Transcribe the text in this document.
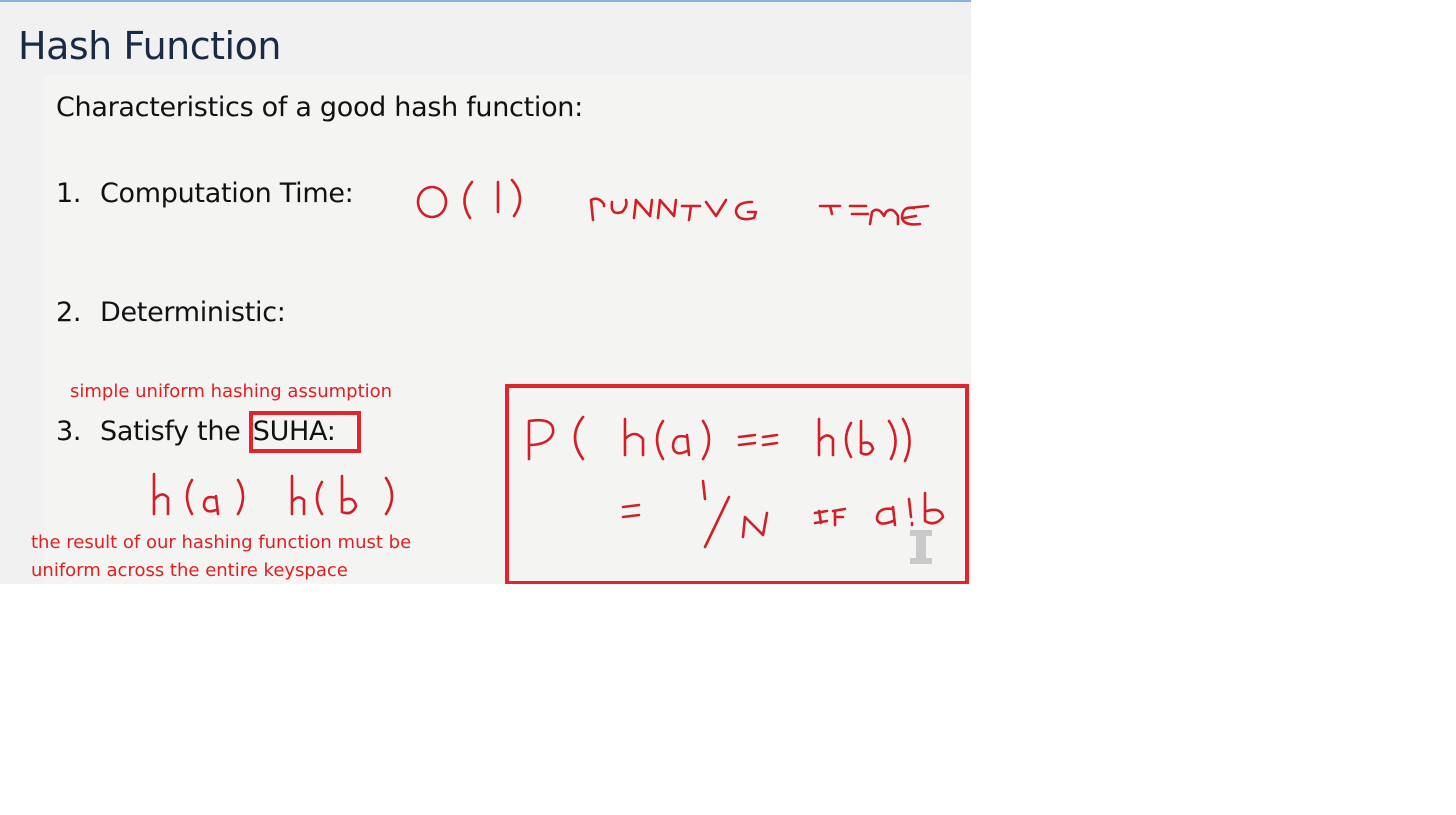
Hash Function
Characteristics of a good hash function:
1. Computation Time:
2. Deterministic:
3. Satisfy the SUHA:
simple uniform hashing assumption
the result of our hashing function must be
uniform across the entire keyspace
